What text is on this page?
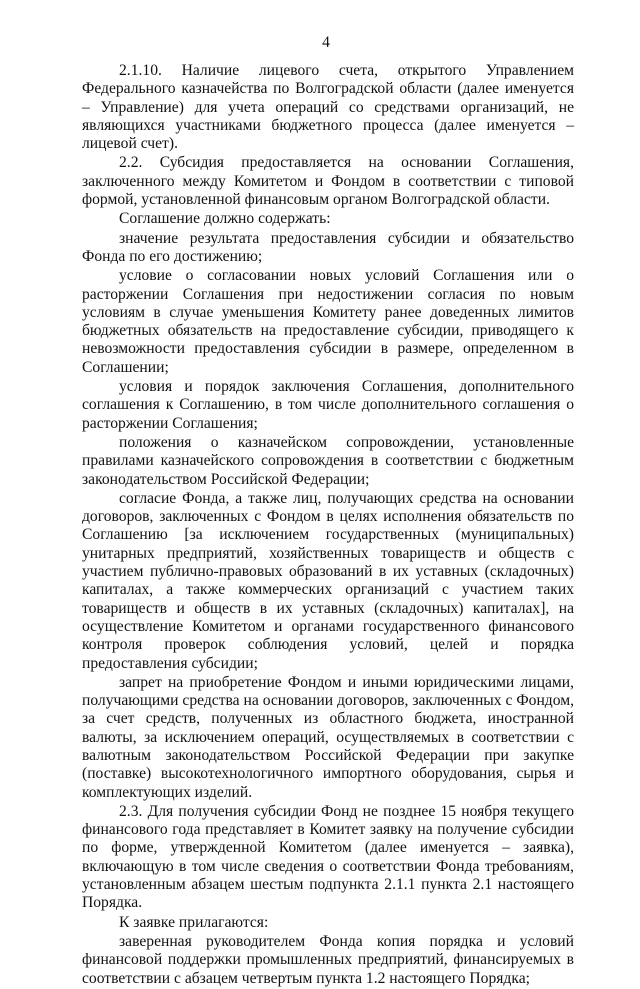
4

2.1.10. Наличие лицевого счета, открытого Управлением Федерального казначейства по Волгоградской области (далее именуется – Управление) для учета операций со средствами организаций, не являющихся участниками бюджетного процесса (далее именуется – лицевой счет).

2.2. Субсидия предоставляется на основании Соглашения, заключенного между Комитетом и Фондом в соответствии с типовой формой, установленной финансовым органом Волгоградской области.

Соглашение должно содержать:

значение результата предоставления субсидии и обязательство Фонда по его достижению;

условие о согласовании новых условий Соглашения или о расторжении Соглашения при недостижении согласия по новым условиям в случае уменьшения Комитету ранее доведенных лимитов бюджетных обязательств на предоставление субсидии, приводящего к невозможности предоставления субсидии в размере, определенном в Соглашении;

условия и порядок заключения Соглашения, дополнительного соглашения к Соглашению, в том числе дополнительного соглашения о расторжении Соглашения;

положения о казначейском сопровождении, установленные правилами казначейского сопровождения в соответствии с бюджетным законодательством Российской Федерации;

согласие Фонда, а также лиц, получающих средства на основании договоров, заключенных с Фондом в целях исполнения обязательств по Соглашению [за исключением государственных (муниципальных) унитарных предприятий, хозяйственных товариществ и обществ с участием публично-правовых образований в их уставных (складочных) капиталах, а также коммерческих организаций с участием таких товариществ и обществ в их уставных (складочных) капиталах], на осуществление Комитетом и органами государственного финансового контроля проверок соблюдения условий, целей и порядка предоставления субсидии;

запрет на приобретение Фондом и иными юридическими лицами, получающими средства на основании договоров, заключенных с Фондом, за счет средств, полученных из областного бюджета, иностранной валюты, за исключением операций, осуществляемых в соответствии с валютным законодательством Российской Федерации при закупке (поставке) высокотехнологичного импортного оборудования, сырья и комплектующих изделий.

2.3. Для получения субсидии Фонд не позднее 15 ноября текущего финансового года представляет в Комитет заявку на получение субсидии по форме, утвержденной Комитетом (далее именуется – заявка), включающую в том числе сведения о соответствии Фонда требованиям, установленным абзацем шестым подпункта 2.1.1 пункта 2.1 настоящего Порядка.

К заявке прилагаются:

заверенная руководителем Фонда копия порядка и условий финансовой поддержки промышленных предприятий, финансируемых в соответствии с абзацем четвертым пункта 1.2 настоящего Порядка;
